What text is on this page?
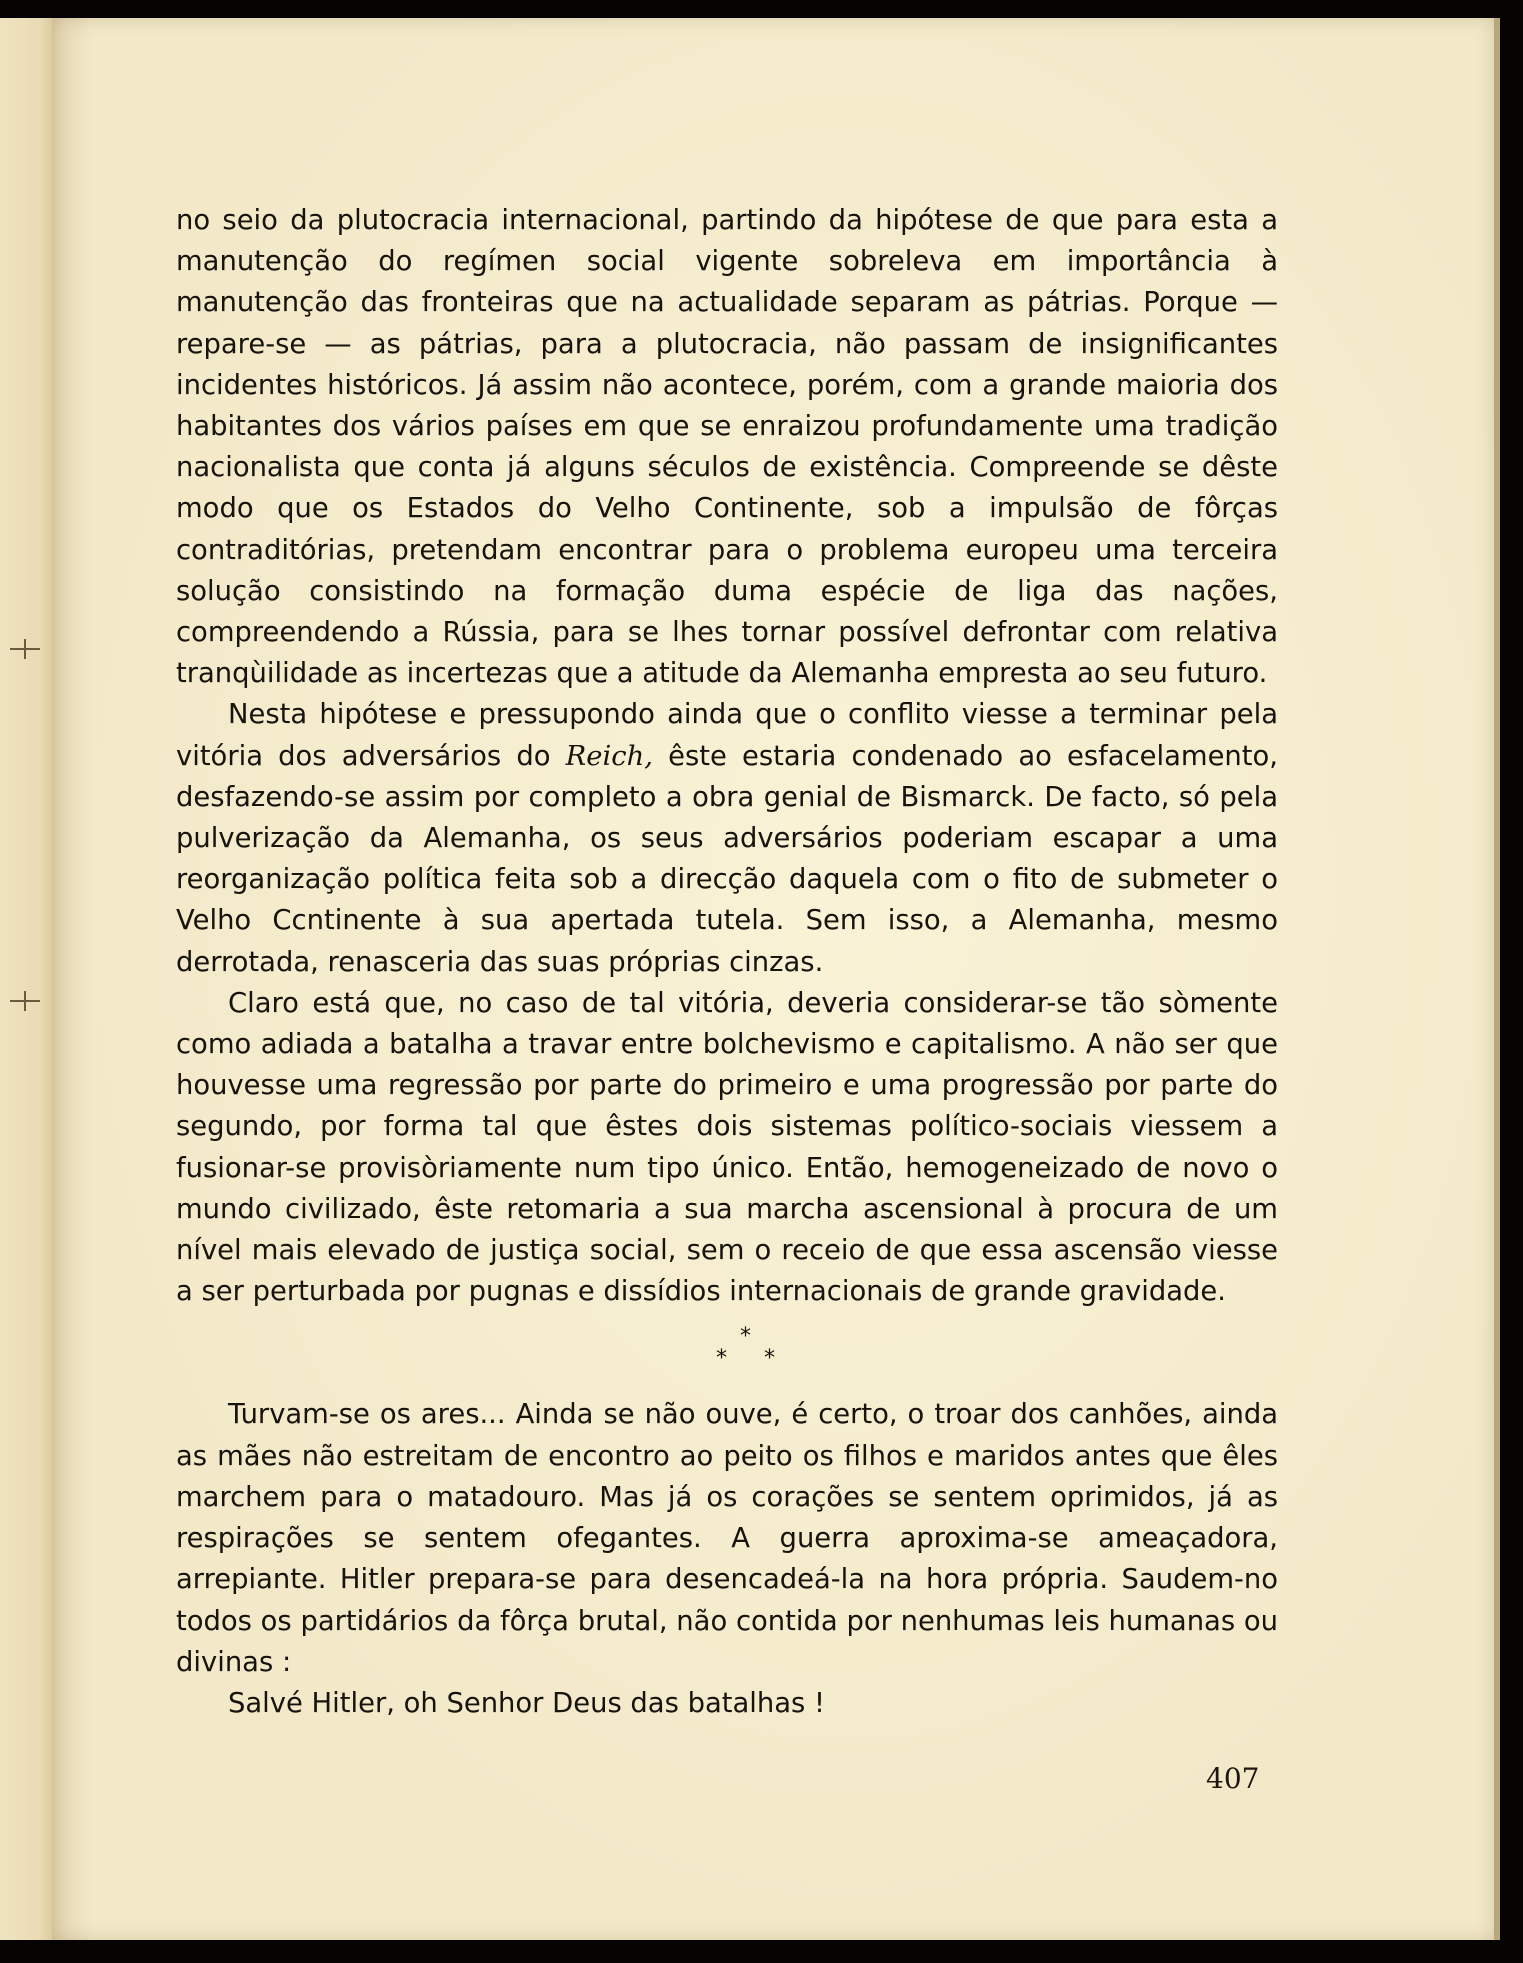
no seio da plutocracia internacional, partindo da hipótese de que para esta a manutenção do regímen social vigente sobreleva em importância à manutenção das fronteiras que na actualidade separam as pátrias. Porque — repare-se — as pátrias, para a plutocracia, não passam de insignificantes incidentes históricos. Já assim não acontece, porém, com a grande maioria dos habitantes dos vários países em que se enraizou profundamente uma tradição nacionalista que conta já alguns séculos de existência. Compreende se dêste modo que os Estados do Velho Continente, sob a impulsão de fôrças contraditórias, pretendam encontrar para o problema europeu uma terceira solução consistindo na formação duma espécie de liga das nações, compreendendo a Rússia, para se lhes tornar possível defrontar com relativa tranqùilidade as incertezas que a atitude da Alemanha empresta ao seu futuro.

Nesta hipótese e pressupondo ainda que o conflito viesse a terminar pela vitória dos adversários do Reich, êste estaria condenado ao esfacelamento, desfazendo-se assim por completo a obra genial de Bismarck. De facto, só pela pulverização da Alemanha, os seus adversários poderiam escapar a uma reorganização política feita sob a direcção daquela com o fito de submeter o Velho Ccntinente à sua apertada tutela. Sem isso, a Alemanha, mesmo derrotada, renasceria das suas próprias cinzas.

Claro está que, no caso de tal vitória, deveria considerar-se tão sòmente como adiada a batalha a travar entre bolchevismo e capitalismo. A não ser que houvesse uma regressão por parte do primeiro e uma progressão por parte do segundo, por forma tal que êstes dois sistemas político-sociais viessem a fusionar-se provisòriamente num tipo único. Então, hemogeneizado de novo o mundo civilizado, êste retomaria a sua marcha ascensional à procura de um nível mais elevado de justiça social, sem o receio de que essa ascensão viesse a ser perturbada por pugnas e dissídios internacionais de grande gravidade.

*
* *

Turvam-se os ares... Ainda se não ouve, é certo, o troar dos canhões, ainda as mães não estreitam de encontro ao peito os filhos e maridos antes que êles marchem para o matadouro. Mas já os corações se sentem oprimidos, já as respirações se sentem ofegantes. A guerra aproxima-se ameaçadora, arrepiante. Hitler prepara-se para desencadeá-la na hora própria. Saudem-no todos os partidários da fôrça brutal, não contida por nenhumas leis humanas ou divinas :

Salvé Hitler, oh Senhor Deus das batalhas !

407
